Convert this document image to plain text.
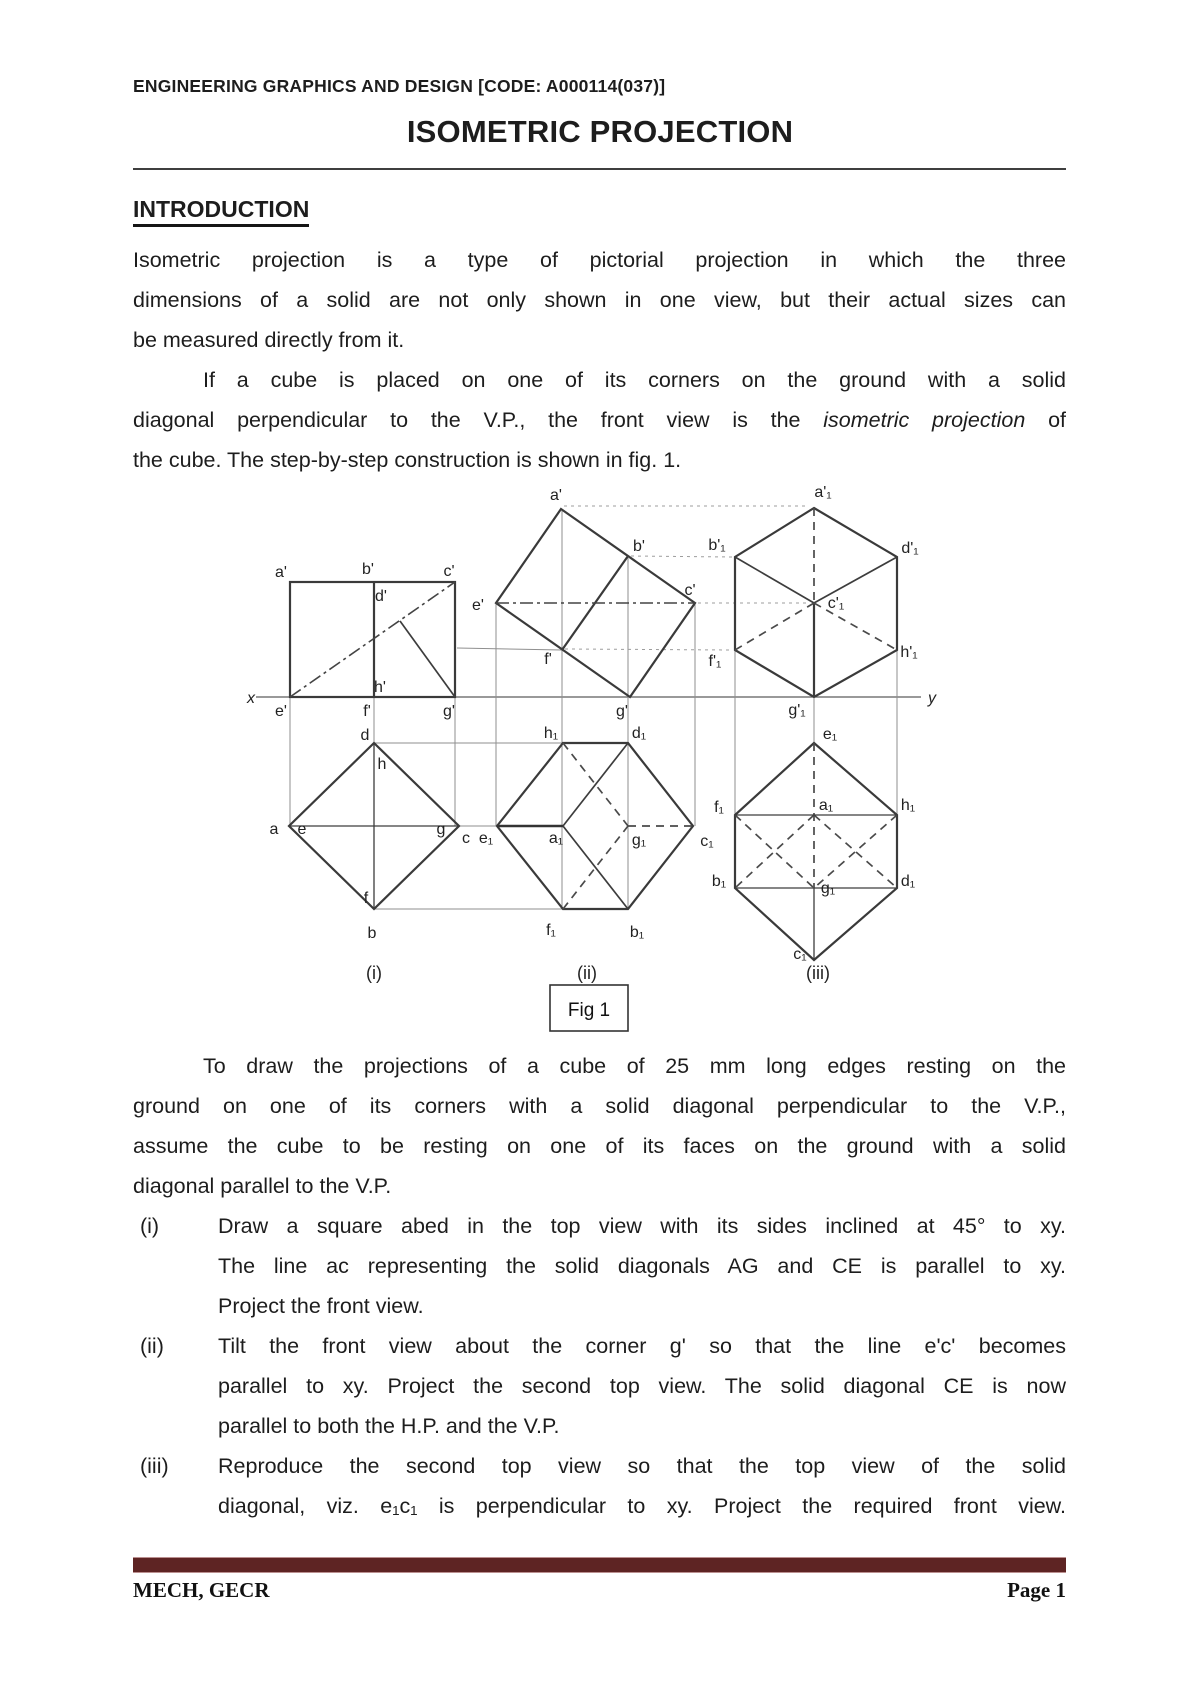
ENGINEERING GRAPHICS AND DESIGN [CODE: A000114(037)]
ISOMETRIC PROJECTION
INTRODUCTION
Isometric projection is a type of pictorial projection in which the three
dimensions of a solid are not only shown in one view, but their actual sizes can
be measured directly from it.
If a cube is placed on one of its corners on the ground with a solid
diagonal perpendicular to the V.P., the front view is the isometric projection of
the cube. The step-by-step construction is shown in fig. 1.
a'	b'	c'
d'
h'
e'	f'	g'
x	y
e'
a'
b'
c'
f'
g'
a'₁
b'₁	d'₁
c'₁
f'₁
h'₁
g'₁
d
h
a e	g
c
f
b
h₁	d₁
e₁	a₁	g₁	c₁
f₁	b₁
e₁
f₁	a₁	h₁
b₁	g₁	d₁
c₁
(i)	(ii)	(iii)
Fig 1
To draw the projections of a cube of 25 mm long edges resting on the
ground on one of its corners with a solid diagonal perpendicular to the V.P.,
assume the cube to be resting on one of its faces on the ground with a solid
diagonal parallel to the V.P.
(i)	Draw a square abed in the top view with its sides inclined at 45° to xy.
The line ac representing the solid diagonals AG and CE is parallel to xy.
Project the front view.
(ii)	Tilt the front view about the corner g' so that the line e'c' becomes
parallel to xy. Project the second top view. The solid diagonal CE is now
parallel to both the H.P. and the V.P.
(iii) Reproduce the second top view so that the top view of the solid
diagonal, viz. e₁c₁ is perpendicular to xy. Project the required front view.
MECH, GECR	Page 1
